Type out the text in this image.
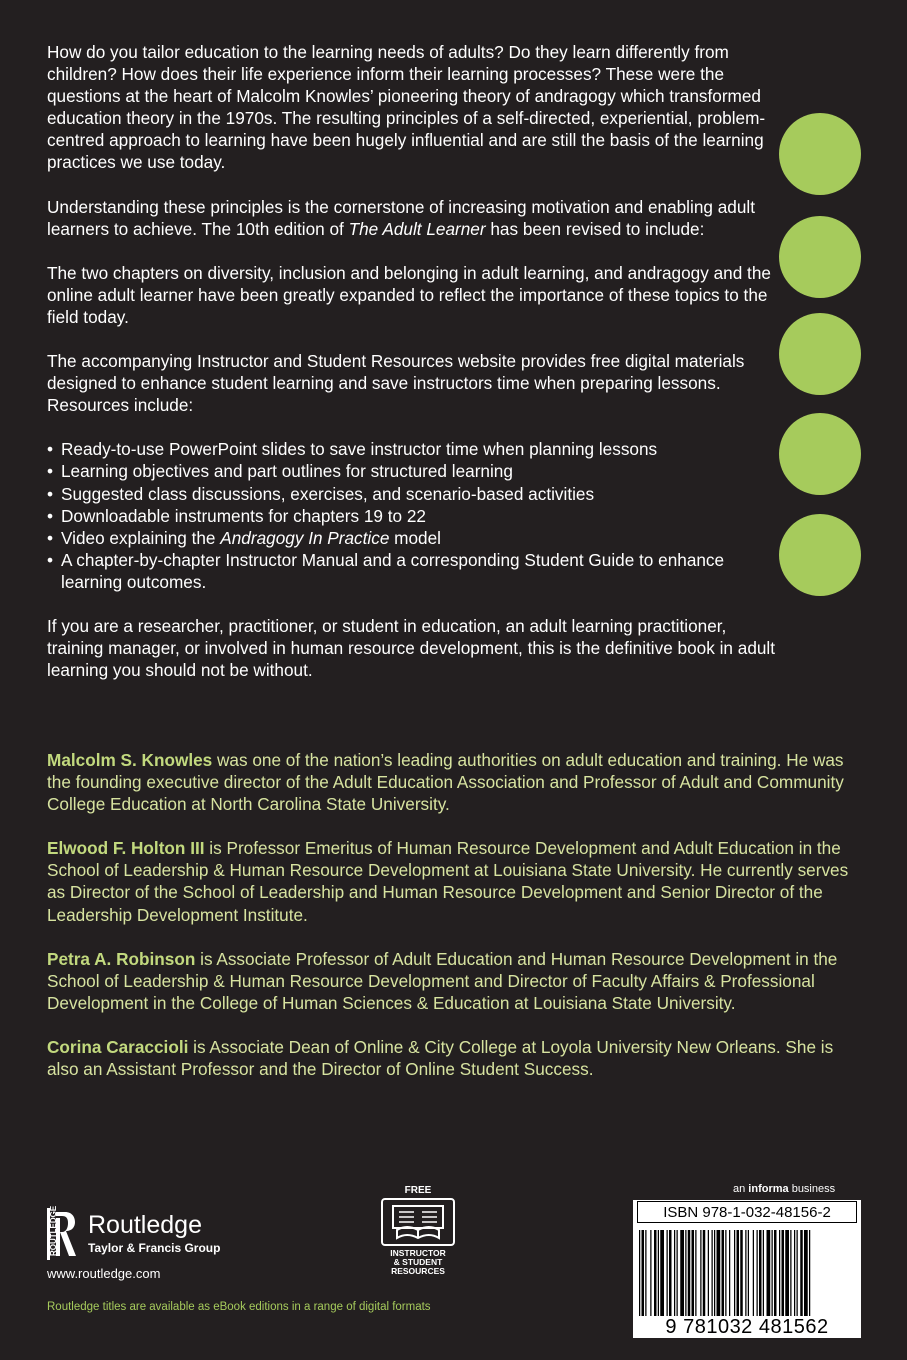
How do you tailor education to the learning needs of adults? Do they learn differently from children? How does their life experience inform their learning processes? These were the questions at the heart of Malcolm Knowles’ pioneering theory of andragogy which transformed education theory in the 1970s. The resulting principles of a self-directed, experiential, problem-centred approach to learning have been hugely influential and are still the basis of the learning practices we use today.

Understanding these principles is the cornerstone of increasing motivation and enabling adult learners to achieve. The 10th edition of The Adult Learner has been revised to include:

The two chapters on diversity, inclusion and belonging in adult learning, and andragogy and the online adult learner have been greatly expanded to reflect the importance of these topics to the field today.

The accompanying Instructor and Student Resources website provides free digital materials designed to enhance student learning and save instructors time when preparing lessons. Resources include:

• Ready-to-use PowerPoint slides to save instructor time when planning lessons
• Learning objectives and part outlines for structured learning
• Suggested class discussions, exercises, and scenario-based activities
• Downloadable instruments for chapters 19 to 22
• Video explaining the Andragogy In Practice model
• A chapter-by-chapter Instructor Manual and a corresponding Student Guide to enhance learning outcomes.

If you are a researcher, practitioner, or student in education, an adult learning practitioner, training manager, or involved in human resource development, this is the definitive book in adult learning you should not be without.

Malcolm S. Knowles was one of the nation’s leading authorities on adult education and training. He was the founding executive director of the Adult Education Association and Professor of Adult and Community College Education at North Carolina State University.

Elwood F. Holton III is Professor Emeritus of Human Resource Development and Adult Education in the School of Leadership & Human Resource Development at Louisiana State University. He currently serves as Director of the School of Leadership and Human Resource Development and Senior Director of the Leadership Development Institute.

Petra A. Robinson is Associate Professor of Adult Education and Human Resource Development in the School of Leadership & Human Resource Development and Director of Faculty Affairs & Professional Development in the College of Human Sciences & Education at Louisiana State University.

Corina Caraccioli is Associate Dean of Online & City College at Loyola University New Orleans. She is also an Assistant Professor and the Director of Online Student Success.

ROUTLEDGE Routledge
Taylor & Francis Group
www.routledge.com
Routledge titles are available as eBook editions in a range of digital formats
FREE
INSTRUCTOR
& STUDENT
RESOURCES
an informa business
ISBN 978-1-032-48156-2
9 781032 481562
